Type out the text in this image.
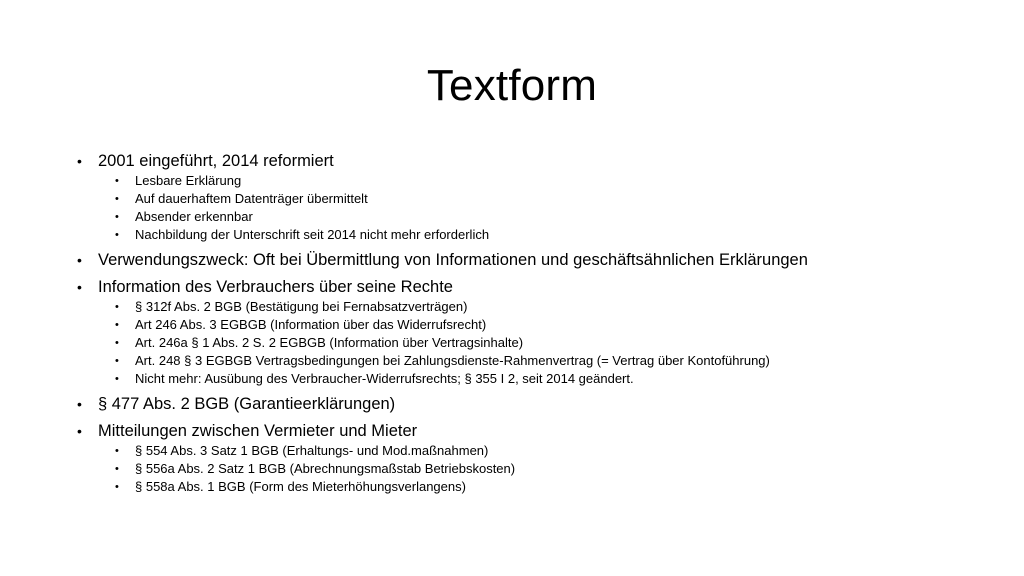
Textform
• 2001 eingeführt, 2014 reformiert
• Lesbare Erklärung
• Auf dauerhaftem Datenträger übermittelt
• Absender erkennbar
• Nachbildung der Unterschrift seit 2014 nicht mehr erforderlich
• Verwendungszweck: Oft bei Übermittlung von Informationen und geschäftsähnlichen Erklärungen
• Information des Verbrauchers über seine Rechte
• § 312f Abs. 2 BGB (Bestätigung bei Fernabsatzverträgen)
• Art 246 Abs. 3 EGBGB (Information über das Widerrufsrecht)
• Art. 246a § 1 Abs. 2 S. 2 EGBGB (Information über Vertragsinhalte)
• Art. 248 § 3 EGBGB Vertragsbedingungen bei Zahlungsdienste-Rahmenvertrag (= Vertrag über Kontoführung)
• Nicht mehr: Ausübung des Verbraucher-Widerrufsrechts; § 355 I 2, seit 2014 geändert.
• § 477 Abs. 2 BGB (Garantieerklärungen)
• Mitteilungen zwischen Vermieter und Mieter
• § 554 Abs. 3 Satz 1 BGB (Erhaltungs- und Mod.maßnahmen)
• § 556a Abs. 2 Satz 1 BGB (Abrechnungsmaßstab Betriebskosten)
• § 558a Abs. 1 BGB (Form des Mieterhöhungsverlangens)
